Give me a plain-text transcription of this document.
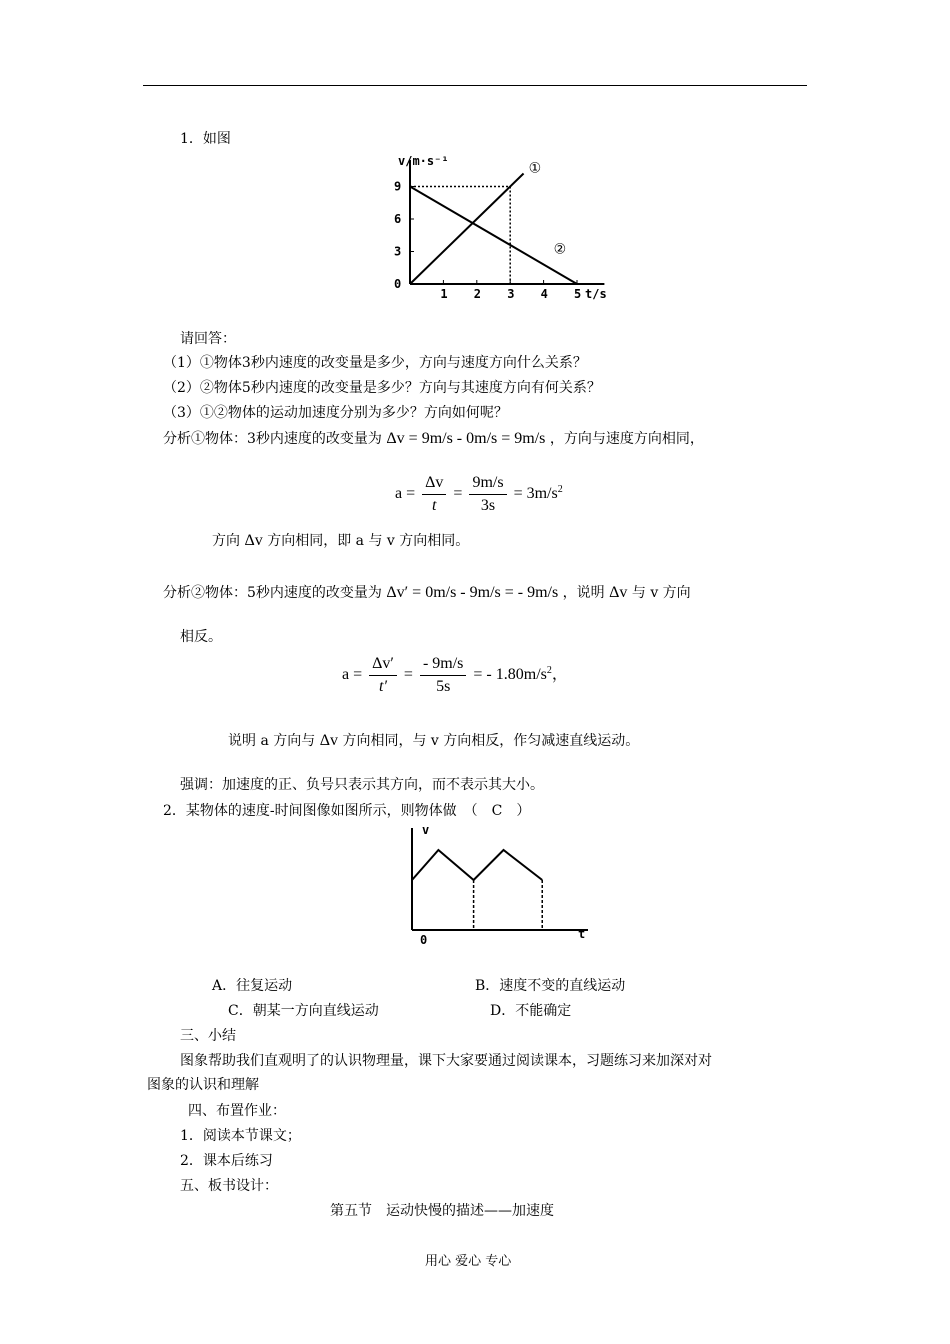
1．如图
v/m·s⁻¹
t/s
0
3
6
9
1 2 3 4 5
①
②
请回答：
（1）①物体3秒内速度的改变量是多少，方向与速度方向什么关系？
（2）②物体5秒内速度的改变量是多少？方向与其速度方向有何关系？
（3）①②物体的运动加速度分别为多少？方向如何呢？
分析①物体：3秒内速度的改变量为 Δv = 9m/s - 0m/s = 9m/s ，方向与速度方向相同，
$a = \frac{\Delta v}{t} = \frac{9m/s}{3s} = 3m/s^2$
方向 Δv 方向相同，即 a 与 v 方向相同。
分析②物体：5秒内速度的改变量为 Δv′ = 0m/s - 9m/s = - 9m/s ，说明 Δv 与 v 方向
相反。
$a = \frac{\Delta v'}{t'} = \frac{- 9m/s}{5s}$ = - $1.80m/s^2$，
说明 a 方向与 Δv 方向相同，与 v 方向相反，作匀减速直线运动。
强调：加速度的正、负号只表示其方向，而不表示其大小。
2．某物体的速度-时间图像如图所示，则物体做　（　C　）
v
t
0
A．往复运动	B．速度不变的直线运动
C．朝某一方向直线运动	D．不能确定
三、小结
图象帮助我们直观明了的认识物理量，课下大家要通过阅读课本，习题练习来加深对对
图象的认识和理解
四、布置作业：
1．阅读本节课文；
2．课本后练习
五、板书设计：
第五节　运动快慢的描述——加速度
用心 爱心 专心
